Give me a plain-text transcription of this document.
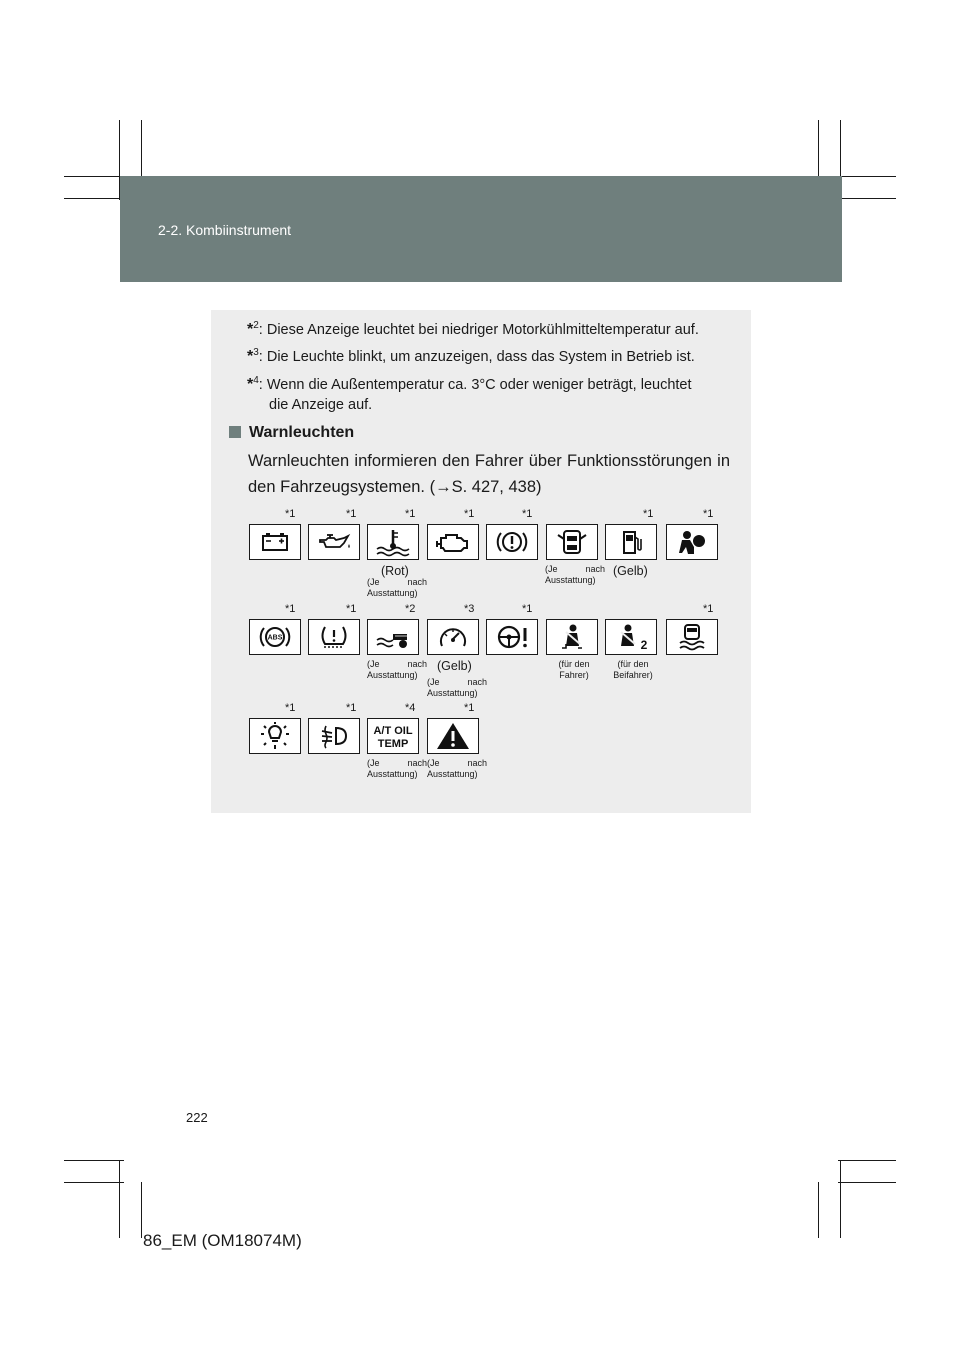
2-2. Kombiinstrument
*$^2$: Diese Anzeige leuchtet bei niedriger Motorkühlmitteltemperatur auf.
*$^3$: Die Leuchte blinkt, um anzuzeigen, dass das System in Betrieb ist.
*$^4$: Wenn die Außentemperatur ca. 3°C oder weniger beträgt, leuchtet
die Anzeige auf.
Warnleuchten
Warnleuchten informieren den Fahrer über Funktionsstörungen in den Fahrzeugsystemen. (→S. 427, 438)
*1	*1	*1	*1	*1	*1	*1
(Rot)
(Je nach
Ausstattung)
(Je nach
Ausstattung)
(Gelb)
*1	*1	*2	*3	*1	*1
ABS	2
(Je nach
Ausstattung)
(Gelb)
(Je nach
Ausstattung)
(für den
Fahrer)
(für den
Beifahrer)
*1	*1	*4	*1
A/T OIL
TEMP
(Je nach
Ausstattung)
(Je nach
Ausstattung)
222
86_EM (OM18074M)
